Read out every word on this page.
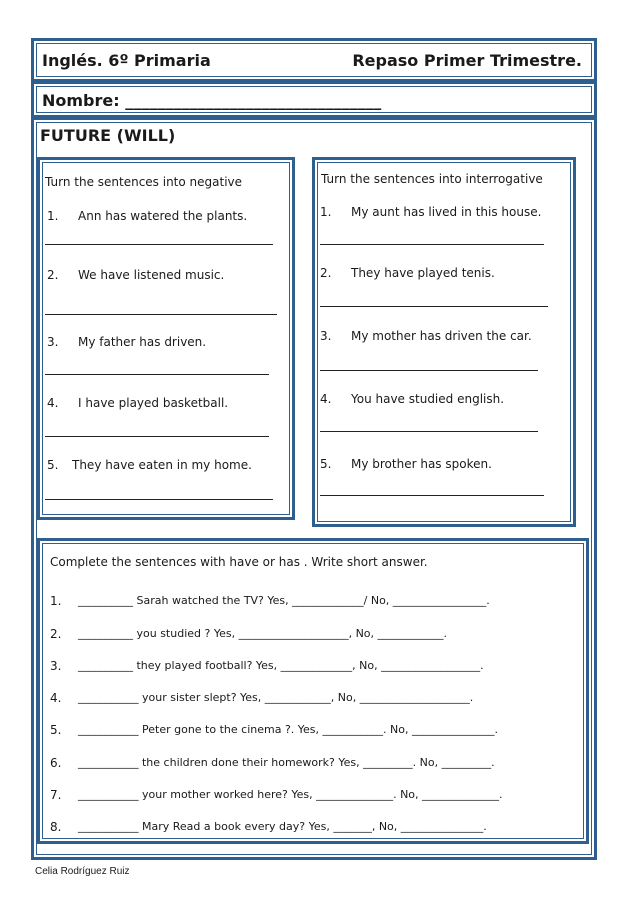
Inglés. 6º Primaria	Repaso Primer Trimestre.
Nombre: ________________________________
FUTURE (WILL)
Turn the sentences into negative
1. Ann has watered the plants.
2. We have listened music.
3. My father has driven.
4. I have played basketball.
5. They have eaten in my home.
Turn the sentences into interrogative
1. My aunt has lived in this house.
2. They have played tenis.
3. My mother has driven the car.
4. You have studied english.
5. My brother has spoken.
Complete the sentences with have or has . Write short answer.
1. __________ Sarah watched the TV? Yes, _____________/ No, _________________.
2. __________ you studied ? Yes, ____________________, No, ____________.
3. __________ they played football? Yes, _____________, No, __________________.
4. ___________ your sister slept? Yes, ____________, No, ____________________.
5. ___________ Peter gone to the cinema ?. Yes, ___________. No, _______________.
6. ___________ the children done their homework? Yes, _________. No, _________.
7. ___________ your mother worked here? Yes, ______________. No, ______________.
8. ___________ Mary Read a book every day? Yes, _______, No, _______________.
Celia Rodríguez Ruiz
